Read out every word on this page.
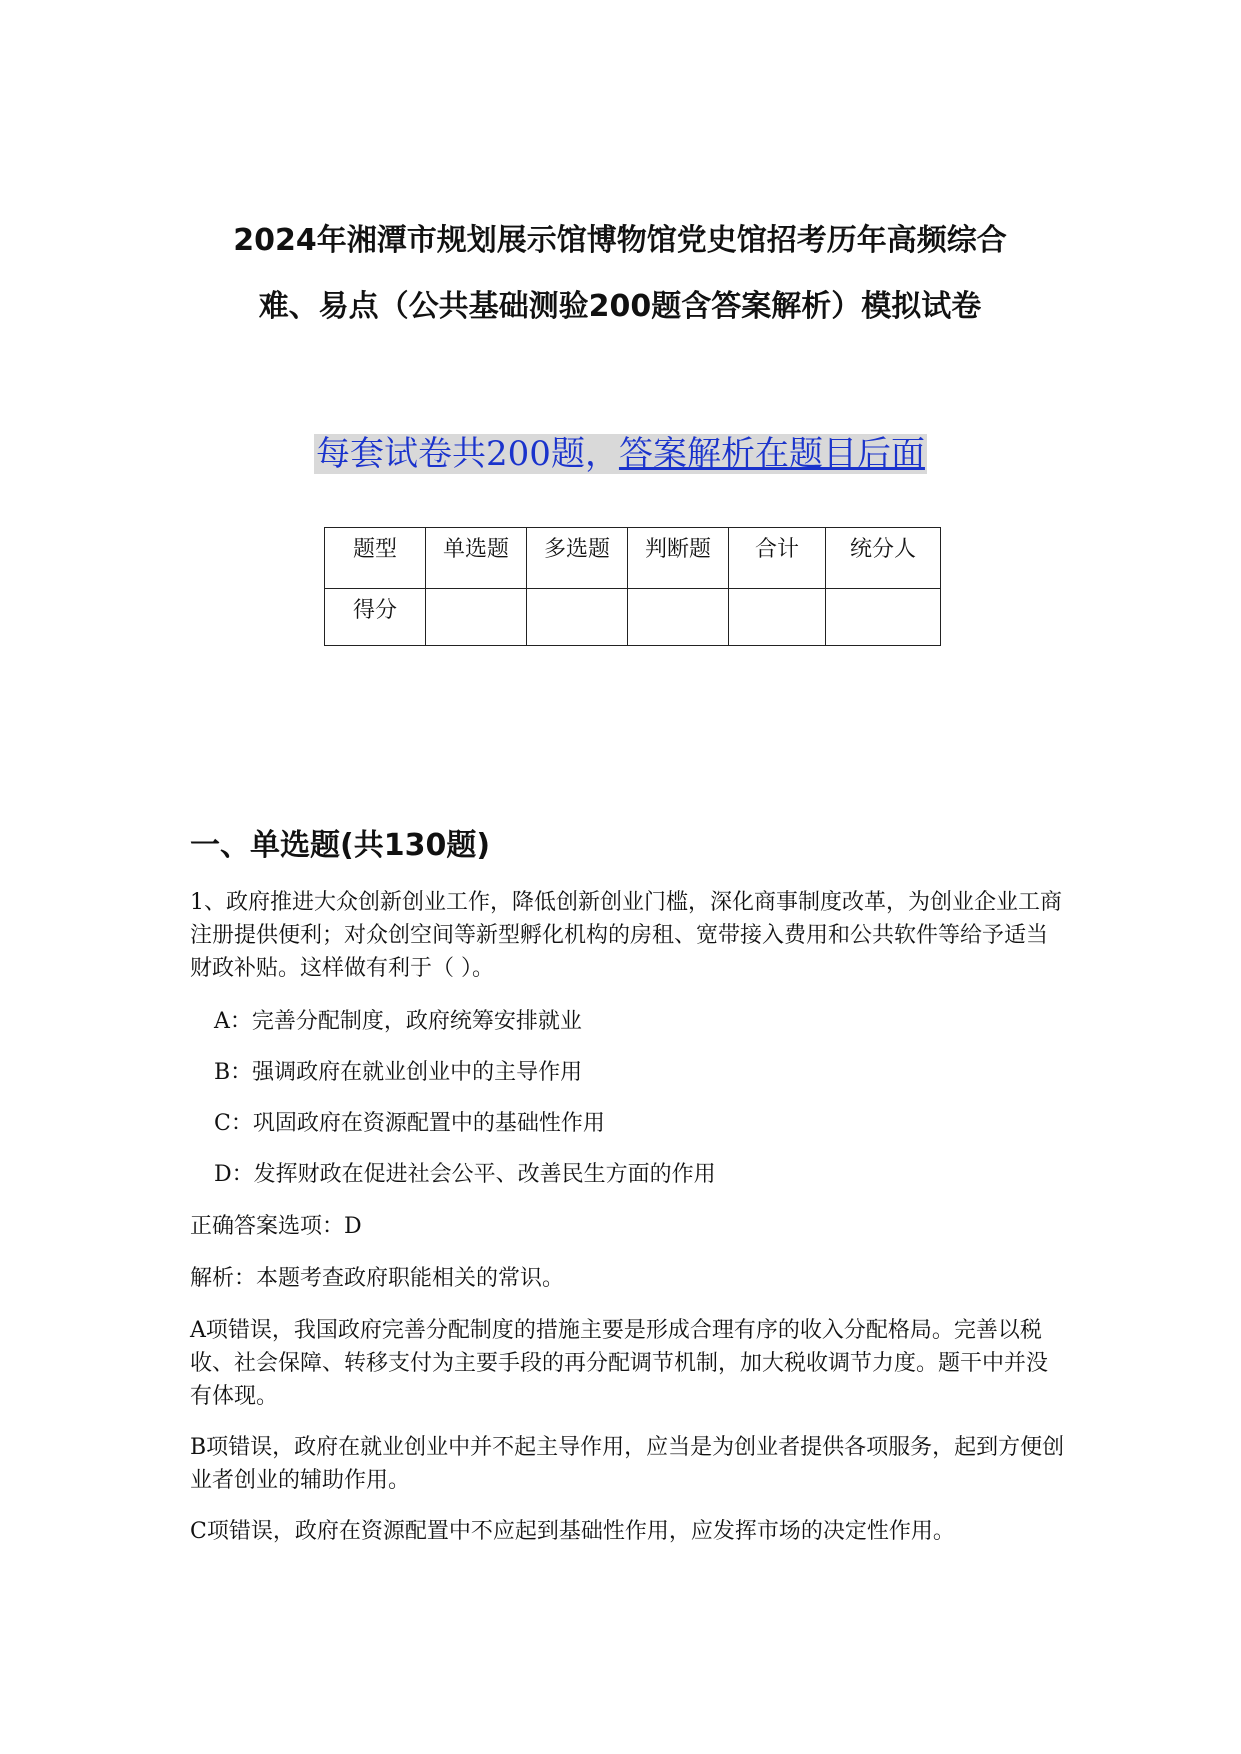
2024年湘潭市规划展示馆博物馆党史馆招考历年高频综合
难、易点（公共基础测验200题含答案解析）模拟试卷
每套试卷共200题，答案解析在题目后面
题型	单选题	多选题	判断题	合计	统分人
得分					
一、单选题(共130题)
1、政府推进大众创新创业工作，降低创新创业门槛，深化商事制度改革，为创业企业工商注册提供便利；对众创空间等新型孵化机构的房租、宽带接入费用和公共软件等给予适当财政补贴。这样做有利于（ ）。
A：完善分配制度，政府统筹安排就业
B：强调政府在就业创业中的主导作用
C：巩固政府在资源配置中的基础性作用
D：发挥财政在促进社会公平、改善民生方面的作用
正确答案选项：D
解析：本题考查政府职能相关的常识。
A项错误，我国政府完善分配制度的措施主要是形成合理有序的收入分配格局。完善以税收、社会保障、转移支付为主要手段的再分配调节机制，加大税收调节力度。题干中并没有体现。
B项错误，政府在就业创业中并不起主导作用，应当是为创业者提供各项服务，起到方便创业者创业的辅助作用。
C项错误，政府在资源配置中不应起到基础性作用，应发挥市场的决定性作用。
